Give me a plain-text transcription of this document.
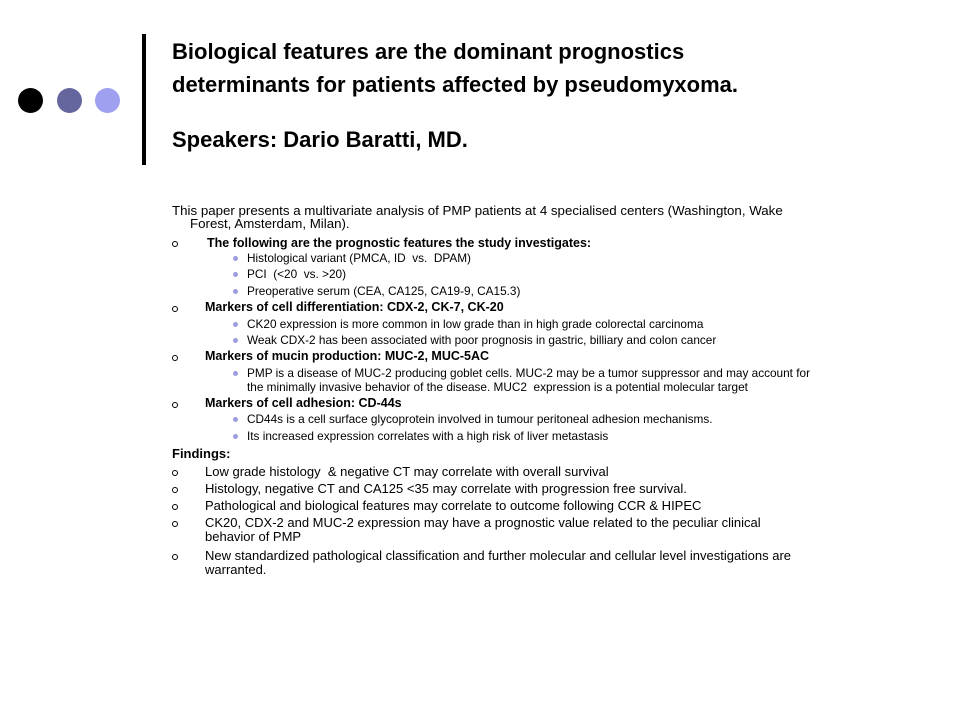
Biological features are the dominant prognostics
determinants for patients affected by pseudomyxoma.
Speakers: Dario Baratti, MD.
This paper presents a multivariate analysis of PMP patients at 4 specialised centers (Washington, Wake
Forest, Amsterdam, Milan).
The following are the prognostic features the study investigates:
Histological variant (PMCA, ID  vs.  DPAM)
PCI  (<20  vs. >20)
Preoperative serum (CEA, CA125, CA19-9, CA15.3)
Markers of cell differentiation: CDX-2, CK-7, CK-20
CK20 expression is more common in low grade than in high grade colorectal carcinoma
Weak CDX-2 has been associated with poor prognosis in gastric, billiary and colon cancer
Markers of mucin production: MUC-2, MUC-5AC
PMP is a disease of MUC-2 producing goblet cells. MUC-2 may be a tumor suppressor and may account for
the minimally invasive behavior of the disease. MUC2  expression is a potential molecular target
Markers of cell adhesion: CD-44s
CD44s is a cell surface glycoprotein involved in tumour peritoneal adhesion mechanisms.
Its increased expression correlates with a high risk of liver metastasis
Findings:
Low grade histology  & negative CT may correlate with overall survival
Histology, negative CT and CA125 <35 may correlate with progression free survival.
Pathological and biological features may correlate to outcome following CCR & HIPEC
CK20, CDX-2 and MUC-2 expression may have a prognostic value related to the peculiar clinical
behavior of PMP
New standardized pathological classification and further molecular and cellular level investigations are
warranted.
